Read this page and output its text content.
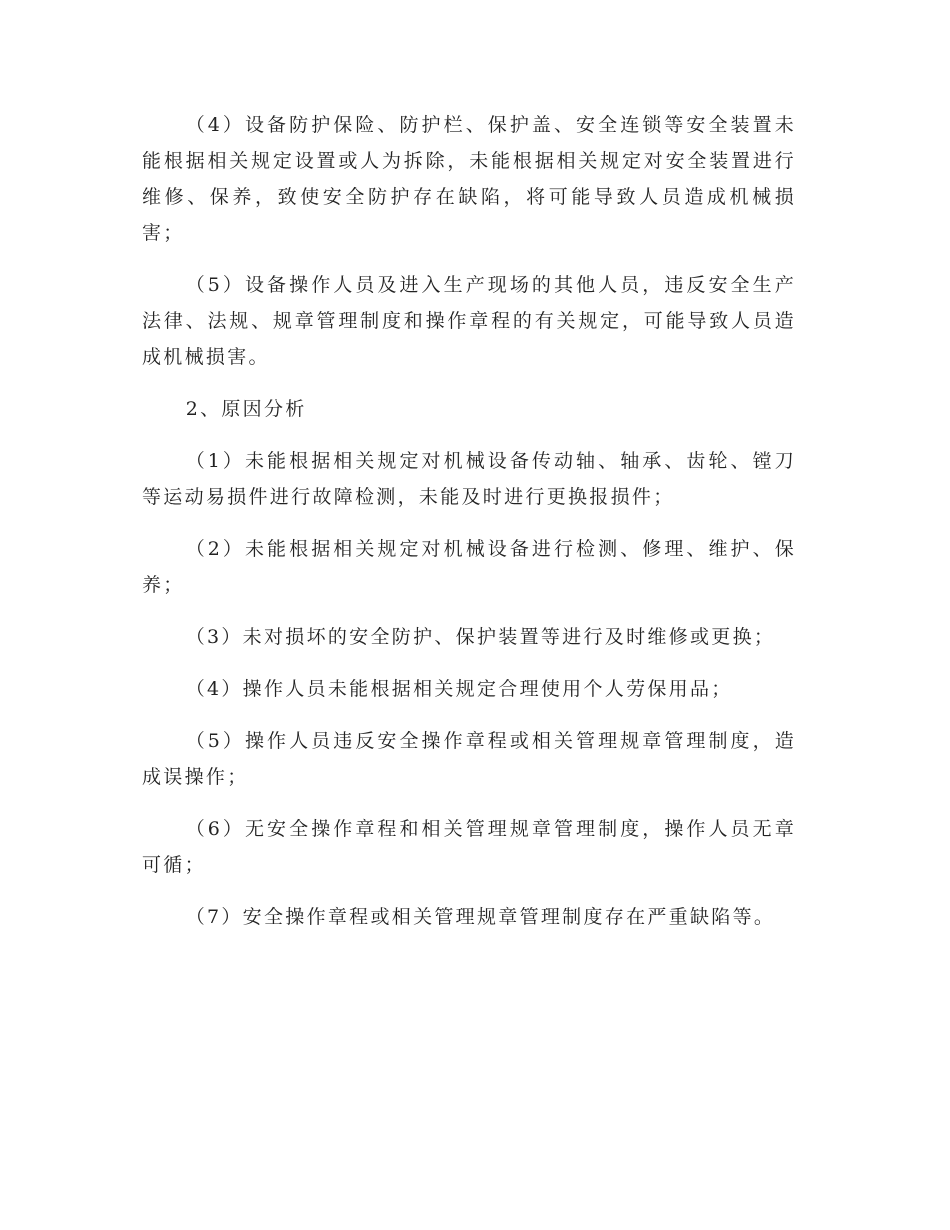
（4）设备防护保险、防护栏、保护盖、安全连锁等安全装置未能根据相关规定设置或人为拆除，未能根据相关规定对安全装置进行维修、保养，致使安全防护存在缺陷，将可能导致人员造成机械损害；

（5）设备操作人员及进入生产现场的其他人员，违反安全生产法律、法规、规章管理制度和操作章程的有关规定，可能导致人员造成机械损害。

2、原因分析

（1）未能根据相关规定对机械设备传动轴、轴承、齿轮、镗刀等运动易损件进行故障检测，未能及时进行更换报损件；

（2）未能根据相关规定对机械设备进行检测、修理、维护、保养；

（3）未对损坏的安全防护、保护装置等进行及时维修或更换；

（4）操作人员未能根据相关规定合理使用个人劳保用品；

（5）操作人员违反安全操作章程或相关管理规章管理制度，造成误操作；

（6）无安全操作章程和相关管理规章管理制度，操作人员无章可循；

（7）安全操作章程或相关管理规章管理制度存在严重缺陷等。
